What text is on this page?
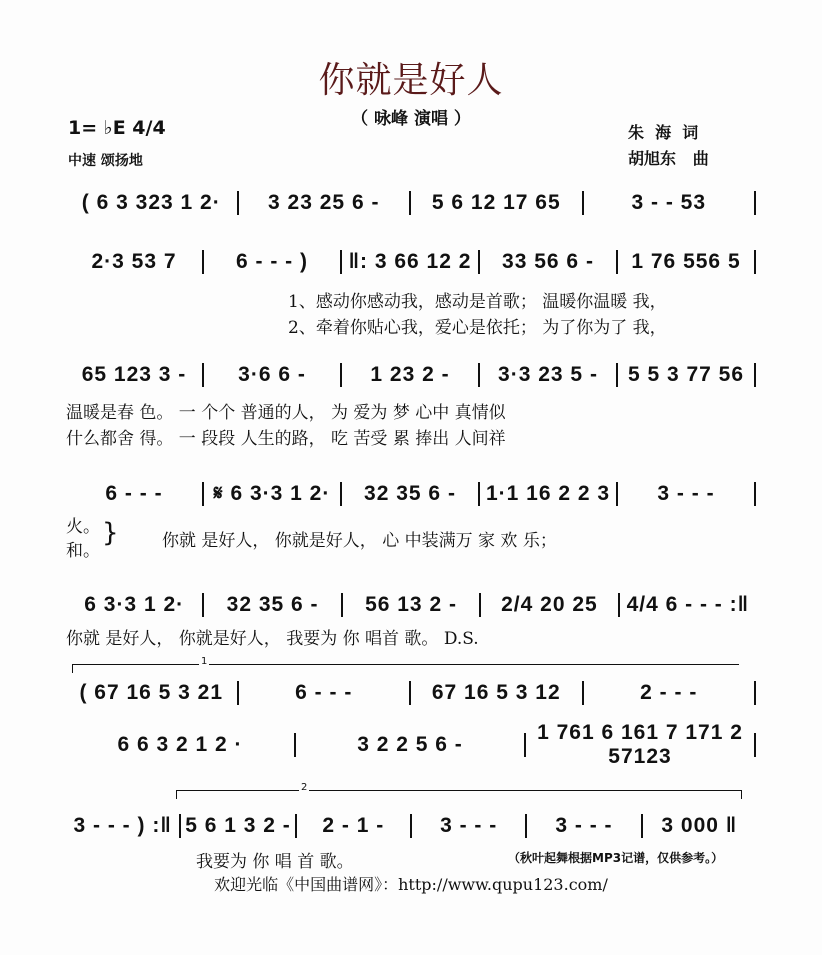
你就是好人
（ 咏峰 演唱 ）
1= ♭E 4/4
中速 颂扬地
朱  海  词
胡旭东   曲
( 6 3 323 1 2·	3 23 25 6 -	5 6 12 17 65	3 - - 53
2·3 53 7	6 - - - )	‖: 3 66 12 2	33 56 6 -	1 76 556 5
1、感动你感动我，感动是首歌； 温暖你温暖 我，
2、牵着你贴心我，爱心是依托； 为了你为了 我，
65 123 3 -	3·6 6 -	1 23 2 -	3·3 23 5 -	5 5 3 77 56
温暖是春 色。 一 个个 普通的人， 为 爱为 梦 心中 真情似
什么都舍 得。 一 段段 人生的路， 吃 苦受 累 捧出 人间祥
6 - - -	𝄋 6 3·3 1 2·	32 35 6 -	1·1 16 2 2 3	3 - - -
火。
和。
}	你就 是好人， 你就是好人， 心 中装满万 家 欢 乐；
6 3·3 1 2·	32 35 6 -	56 13 2 -	2/4 20 25	4/4 6 - - - :‖
你就 是好人， 你就是好人， 我要为 你 唱首 歌。 D.S.
1
( 67 16 5 3 21	6 - - -	67 16 5 3 12	2 - - -
6 6 3 2 1 2 ·	3 2 2 5 6 -
1 761 6 161 7 171 2 57123
2
3 - - - ) :‖ 5 6 1 3 2 -	2 - 1 -	3 - - -	3 - - -	3 000 ‖
我要为 你 唱 首 歌。	（秋叶起舞根据MP3记谱，仅供参考。）
欢迎光临《中国曲谱网》：http://www.qupu123.com/
